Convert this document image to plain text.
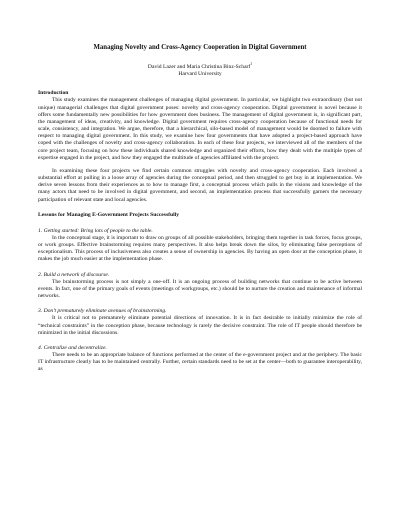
Managing Novelty and Cross-Agency Cooperation in Digital Government
David Lazer and Maria Christina Binz-Scharf$^1$
Harvard University
Introduction

This study examines the management challenges of managing digital government. In particular, we highlight two extraordinary (but not unique) managerial challenges that digital government poses: novelty and cross-agency cooperation. Digital government is novel because it offers some fundamentally new possibilities for how government does business. The management of digital government is, in significant part, the management of ideas, creativity, and knowledge. Digital government requires cross-agency cooperation because of functional needs for scale, consistency, and integration. We argue, therefore, that a hierarchical, silo-based model of management would be doomed to failure with respect to managing digital government. In this study, we examine how four governments that have adopted a project-based approach have coped with the challenges of novelty and cross-agency collaboration. In each of these four projects, we interviewed all of the members of the core project team, focusing on how these individuals shared knowledge and organized their efforts, how they dealt with the multiple types of expertise engaged in the project, and how they engaged the multitude of agencies affiliated with the project.

In examining these four projects we find certain common struggles with novelty and cross-agency cooperation. Each involved a substantial effort at pulling in a loose array of agencies during the conceptual period, and then struggled to get buy in at implementation. We derive seven lessons from their experiences as to how to manage first, a conceptual process which pulls in the visions and knowledge of the many actors that need to be involved in digital government, and second, an implementation process that successfully garners the necessary participation of relevant state and local agencies.

Lessons for Managing E-Government Projects Successfully
1. Getting started: Bring lots of people to the table.

In the conceptual stage, it is important to draw on groups of all possible stakeholders, bringing them together in task forces, focus groups, or work groups. Effective brainstorming requires many perspectives. It also helps break down the silos, by eliminating false perceptions of exceptionalism. This process of inclusiveness also creates a sense of ownership in agencies. By having an open door at the conception phase, it makes the job much easier at the implementation phase.

2. Build a network of discourse.

The brainstorming process is not simply a one-off. It is an ongoing process of building networks that continue to be active between events. In fact, one of the primary goals of events (meetings of workgroups, etc.) should be to nurture the creation and maintenance of informal networks.

3. Don’t prematurely eliminate avenues of brainstorming.

It is critical not to prematurely eliminate potential directions of innovation. It is in fact desirable to initially minimize the role of “technical constraints” in the conception phase, because technology is rarely the decisive constraint. The role of IT people should therefore be minimized in the initial discussions.

4. Centralize and decentralize.

There needs to be an appropriate balance of functions performed at the center of the e-government project and at the periphery. The basic IT infrastructure clearly has to be maintained centrally. Further, certain standards need to be set at the center—both to guarantee interoperability, as
